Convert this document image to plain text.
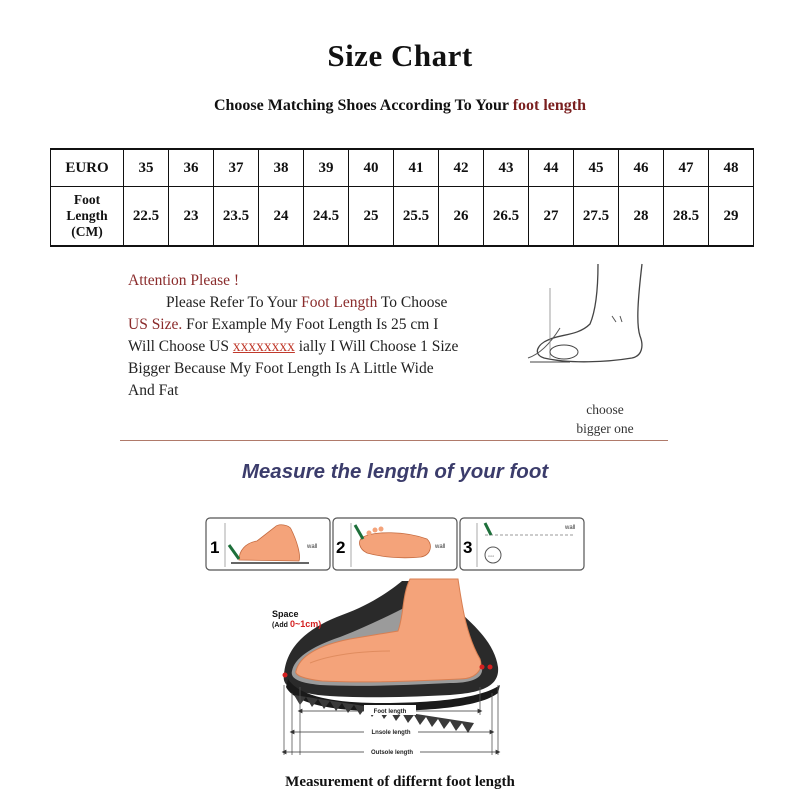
Size Chart
Choose Matching Shoes According To Your foot length
EURO	35	36	37	38	39	40	41	42	43	44	45	46	47	48
Foot
Length
(CM)	22.5	23	23.5	24	24.5	25	25.5	26	26.5	27	27.5	28	28.5	29

Attention Please !

Please Refer To Your Foot Length To Choose

US Size. For Example My Foot Length Is 25 cm I

Will Choose US xxxxxxxx ially I Will Choose 1 Size

Bigger Because My Foot Length Is A Little Wide

And Fat

choose
bigger one
Measure the length of your foot
1	wall 2	wall 3	◦◦◦
wall
Space
(Add 0~1cm)
Foot length
Lnsole length
Outsole length
Measurement of differnt foot length
